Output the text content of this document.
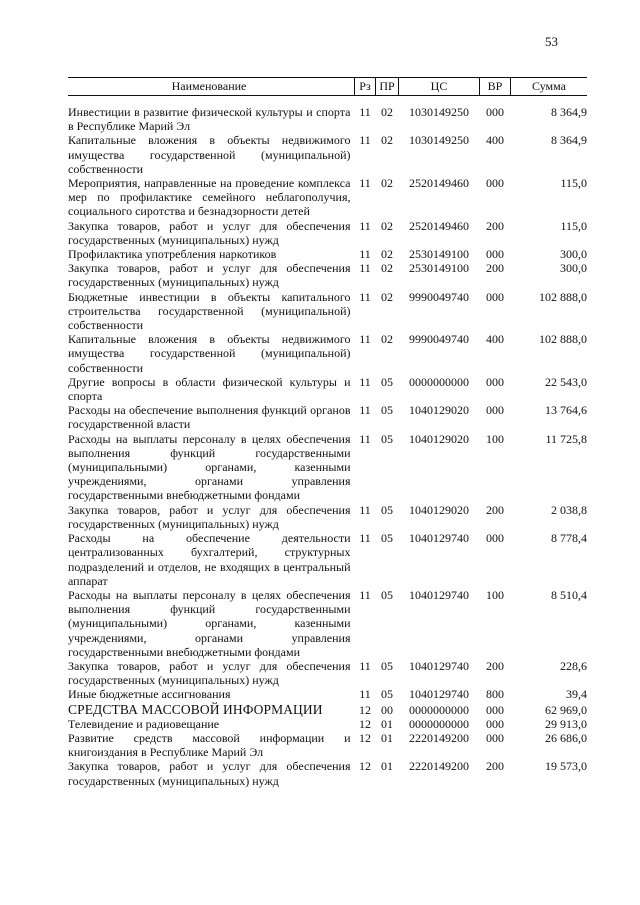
53
Наименование	Рз	ПР	ЦС	ВР	Сумма

Инвестиции в развитие физической культуры и спорта в Республике Марий Эл	11	02	1030149250	000	8 364,9
Капитальные вложения в объекты недвижимого имущества государственной (муниципальной) собственности	11	02	1030149250	400	8 364,9
Мероприятия, направленные на проведение комплекса мер по профилактике семейного неблагополучия, социального сиротства и безнадзорности детей	11	02	2520149460	000	115,0
Закупка товаров, работ и услуг для обеспечения государственных (муниципальных) нужд	11	02	2520149460	200	115,0
Профилактика употребления наркотиков	11	02	2530149100	000	300,0
Закупка товаров, работ и услуг для обеспечения государственных (муниципальных) нужд	11	02	2530149100	200	300,0
Бюджетные инвестиции в объекты капитального строительства государственной (муниципальной) собственности	11	02	9990049740	000	102 888,0
Капитальные вложения в объекты недвижимого имущества государственной (муниципальной) собственности	11	02	9990049740	400	102 888,0
Другие вопросы в области физической культуры и спорта	11	05	0000000000	000	22 543,0
Расходы на обеспечение выполнения функций органов государственной власти	11	05	1040129020	000	13 764,6
Расходы на выплаты персоналу в целях обеспечения выполнения функций государственными (муниципальными) органами, казенными учреждениями, органами управления государственными внебюджетными фондами	11	05	1040129020	100	11 725,8
Закупка товаров, работ и услуг для обеспечения государственных (муниципальных) нужд	11	05	1040129020	200	2 038,8
Расходы на обеспечение деятельности централизованных бухгалтерий, структурных подразделений и отделов, не входящих в центральный аппарат	11	05	1040129740	000	8 778,4
Расходы на выплаты персоналу в целях обеспечения выполнения функций государственными (муниципальными) органами, казенными учреждениями, органами управления государственными внебюджетными фондами	11	05	1040129740	100	8 510,4
Закупка товаров, работ и услуг для обеспечения государственных (муниципальных) нужд	11	05	1040129740	200	228,6
Иные бюджетные ассигнования	11	05	1040129740	800	39,4
СРЕДСТВА МАССОВОЙ ИНФОРМАЦИИ	12	00	0000000000	000	62 969,0
Телевидение и радиовещание	12	01	0000000000	000	29 913,0
Развитие средств массовой информации и книгоиздания в Республике Марий Эл	12	01	2220149200	000	26 686,0
Закупка товаров, работ и услуг для обеспечения государственных (муниципальных) нужд	12	01	2220149200	200	19 573,0
